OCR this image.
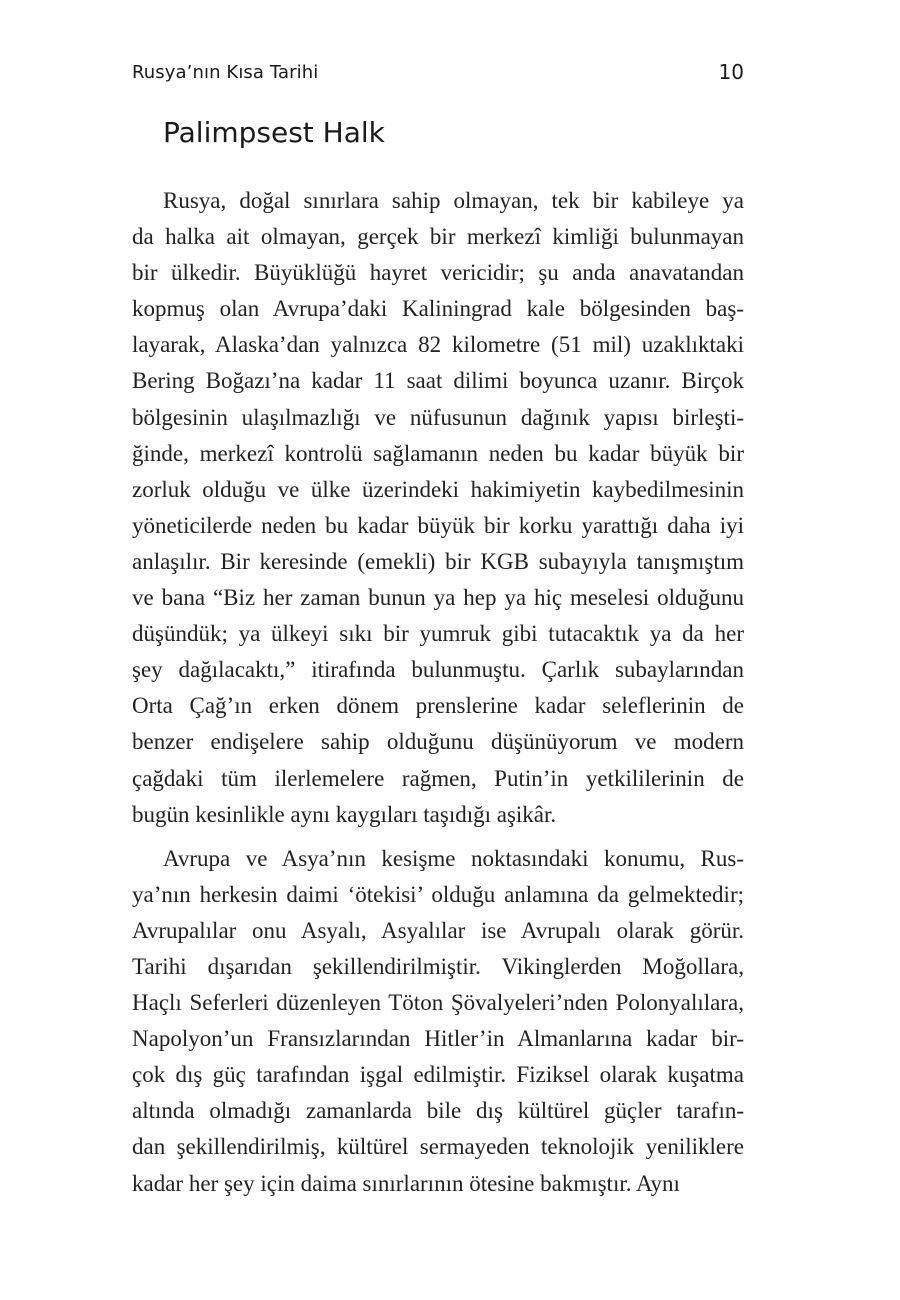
Rusya’nın Kısa Tarihi	10
Palimpsest Halk

Rusya, doğal sınırlara sahip olmayan, tek bir kabileye ya
da halka ait olmayan, gerçek bir merkezî kimliği bulunmayan
bir ülkedir. Büyüklüğü hayret vericidir; şu anda anavatandan
kopmuş olan Avrupa’daki Kaliningrad kale bölgesinden baş-
layarak, Alaska’dan yalnızca 82 kilometre (51 mil) uzaklıktaki
Bering Boğazı’na kadar 11 saat dilimi boyunca uzanır. Birçok
bölgesinin ulaşılmazlığı ve nüfusunun dağınık yapısı birleşti-
ğinde, merkezî kontrolü sağlamanın neden bu kadar büyük bir
zorluk olduğu ve ülke üzerindeki hakimiyetin kaybedilmesinin
yöneticilerde neden bu kadar büyük bir korku yarattığı daha iyi
anlaşılır. Bir keresinde (emekli) bir KGB subayıyla tanışmıştım
ve bana “Biz her zaman bunun ya hep ya hiç meselesi olduğunu
düşündük; ya ülkeyi sıkı bir yumruk gibi tutacaktık ya da her
şey dağılacaktı,” itirafında bulunmuştu. Çarlık subaylarından
Orta Çağ’ın erken dönem prenslerine kadar seleflerinin de
benzer endişelere sahip olduğunu düşünüyorum ve modern
çağdaki tüm ilerlemelere rağmen, Putin’in yetkililerinin de
bugün kesinlikle aynı kaygıları taşıdığı aşikâr.

Avrupa ve Asya’nın kesişme noktasındaki konumu, Rus-
ya’nın herkesin daimi ‘ötekisi’ olduğu anlamına da gelmektedir;
Avrupalılar onu Asyalı, Asyalılar ise Avrupalı olarak görür.
Tarihi dışarıdan şekillendirilmiştir. Vikinglerden Moğollara,
Haçlı Seferleri düzenleyen Töton Şövalyeleri’nden Polonyalılara,
Napolyon’un Fransızlarından Hitler’in Almanlarına kadar bir-
çok dış güç tarafından işgal edilmiştir. Fiziksel olarak kuşatma
altında olmadığı zamanlarda bile dış kültürel güçler tarafın-
dan şekillendirilmiş, kültürel sermayeden teknolojik yeniliklere
kadar her şey için daima sınırlarının ötesine bakmıştır. Aynı
